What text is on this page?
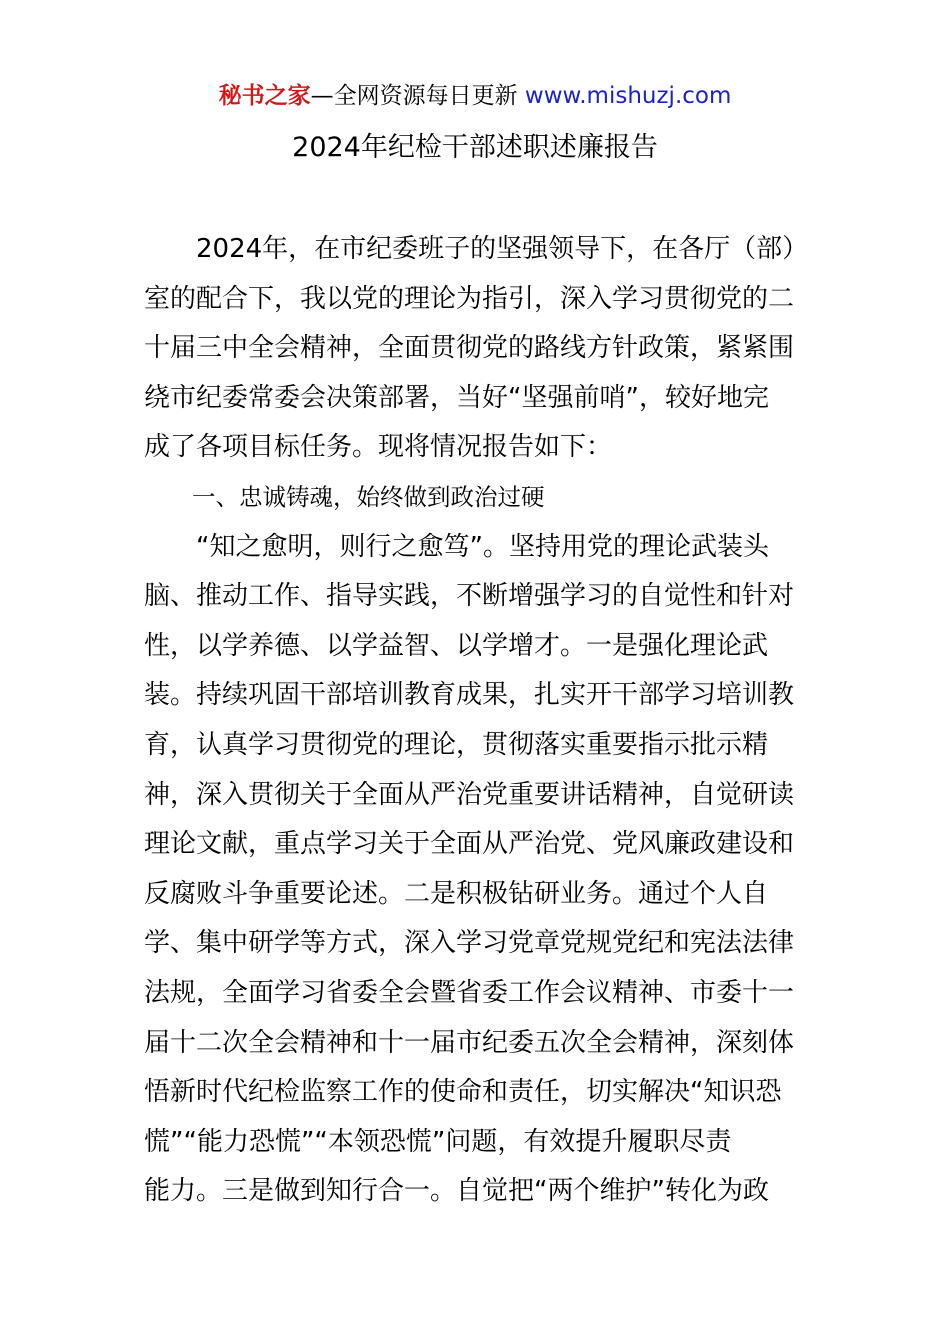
秘书之家—全网资源每日更新 www.mishuzj.com
2024年纪检干部述职述廉报告
2024年，在市纪委班子的坚强领导下，在各厅（部）
室的配合下，我以党的理论为指引，深入学习贯彻党的二
十届三中全会精神，全面贯彻党的路线方针政策，紧紧围
绕市纪委常委会决策部署，当好“坚强前哨”，较好地完
成了各项目标任务。现将情况报告如下：
一、忠诚铸魂，始终做到政治过硬
“知之愈明，则行之愈笃”。坚持用党的理论武装头
脑、推动工作、指导实践，不断增强学习的自觉性和针对
性，以学养德、以学益智、以学增才。一是强化理论武
装。持续巩固干部培训教育成果，扎实开干部学习培训教
育，认真学习贯彻党的理论，贯彻落实重要指示批示精
神，深入贯彻关于全面从严治党重要讲话精神，自觉研读
理论文献，重点学习关于全面从严治党、党风廉政建设和
反腐败斗争重要论述。二是积极钻研业务。通过个人自
学、集中研学等方式，深入学习党章党规党纪和宪法法律
法规，全面学习省委全会暨省委工作会议精神、市委十一
届十二次全会精神和十一届市纪委五次全会精神，深刻体
悟新时代纪检监察工作的使命和责任，切实解决“知识恐
慌”“能力恐慌”“本领恐慌”问题，有效提升履职尽责
能力。三是做到知行合一。自觉把“两个维护”转化为政
